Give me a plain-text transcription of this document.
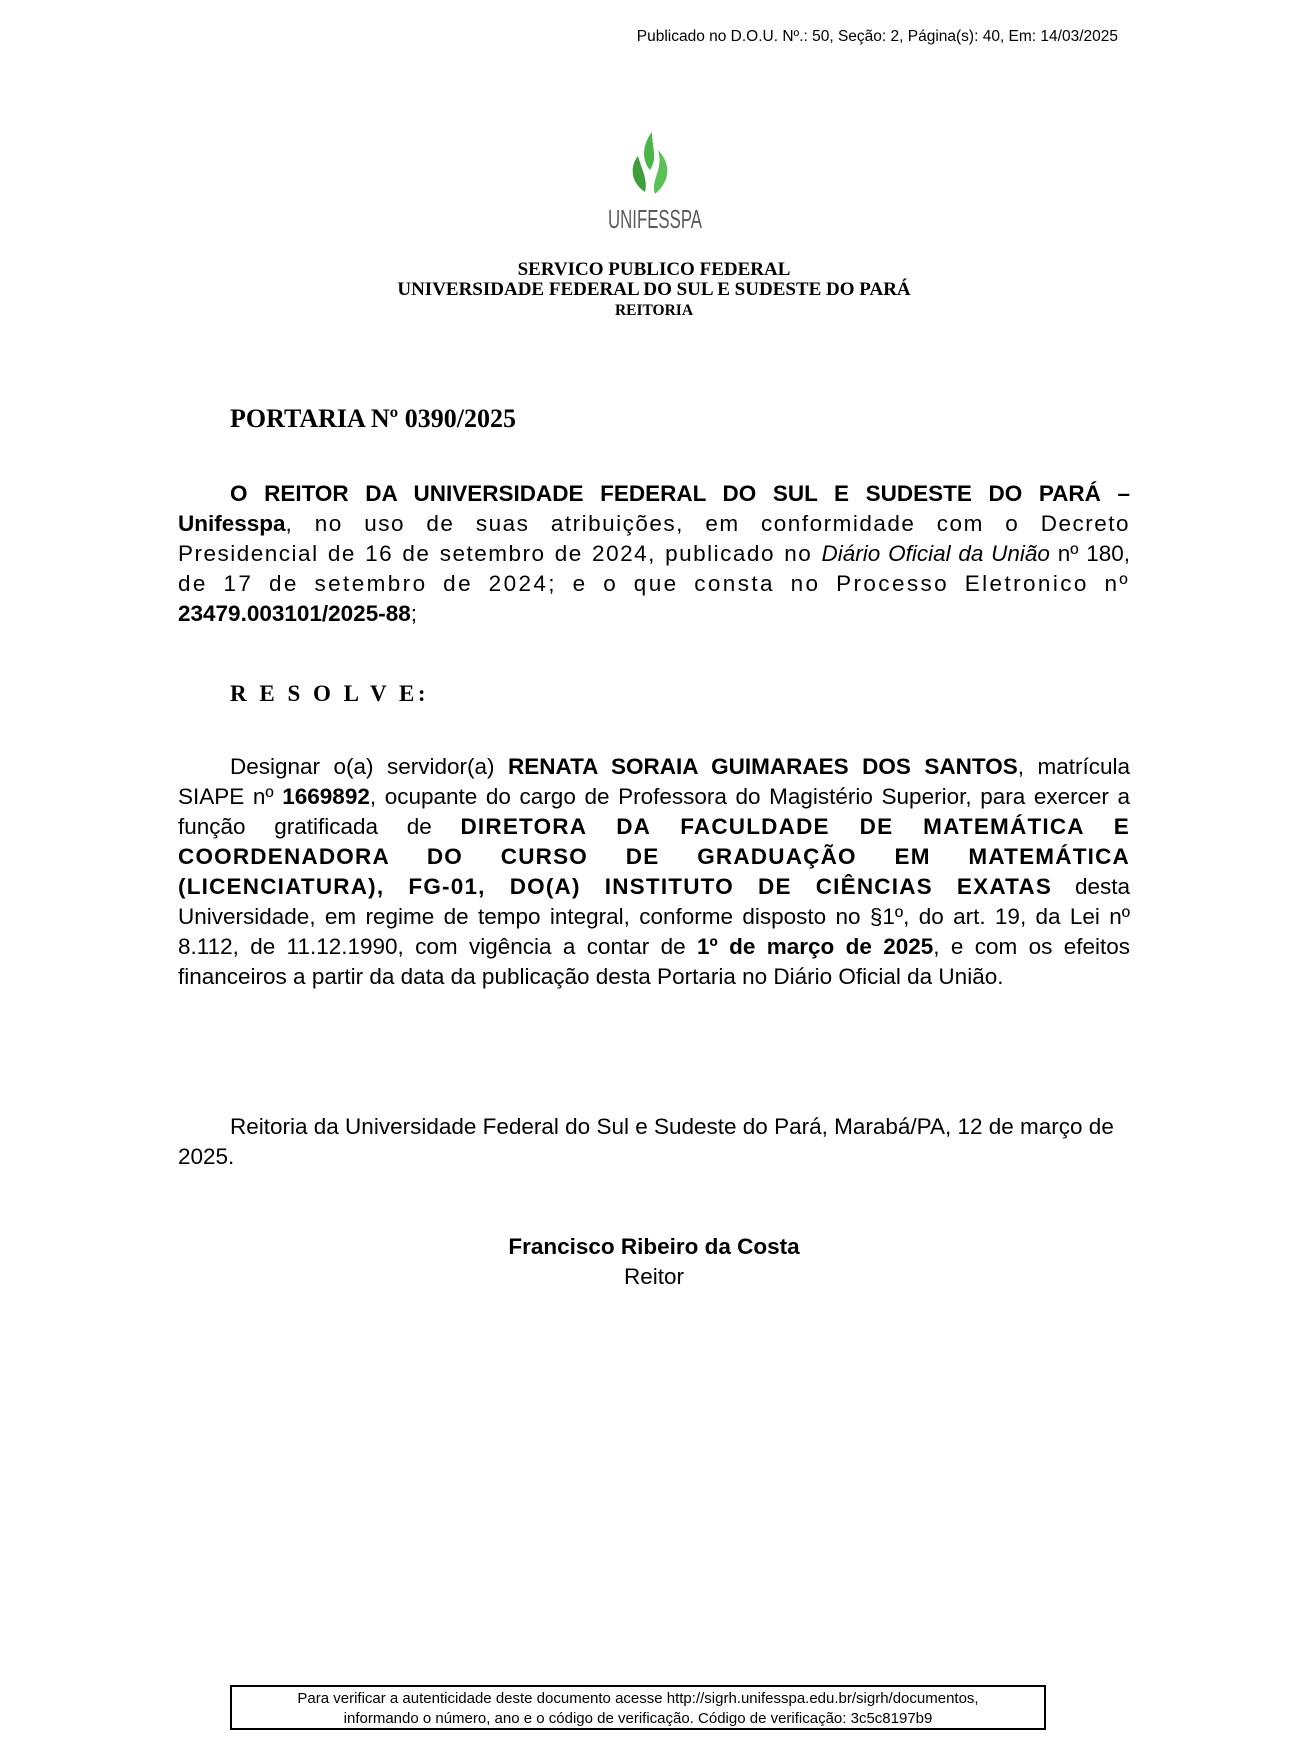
Publicado no D.O.U. Nº.: 50, Seção: 2, Página(s): 40, Em: 14/03/2025
UNIFESSPA
SERVICO PUBLICO FEDERAL
UNIVERSIDADE FEDERAL DO SUL E SUDESTE DO PARÁ
REITORIA
PORTARIA Nº 0390/2025
O REITOR DA UNIVERSIDADE FEDERAL DO SUL E SUDESTE DO PARÁ – Unifesspa, no uso de suas atribuições, em conformidade com o Decreto Presidencial de 16 de setembro de 2024, publicado no Diário Oficial da União nº 180, de 17 de setembro de 2024; e o que consta no Processo Eletronico nº 23479.003101/2025-88;
R E S O L V E:
Designar o(a) servidor(a) RENATA SORAIA GUIMARAES DOS SANTOS, matrícula SIAPE nº 1669892, ocupante do cargo de Professora do Magistério Superior, para exercer a função gratificada de DIRETORA DA FACULDADE DE MATEMÁTICA E COORDENADORA DO CURSO DE GRADUAÇÃO EM MATEMÁTICA (LICENCIATURA), FG-01, DO(A) INSTITUTO DE CIÊNCIAS EXATAS desta Universidade, em regime de tempo integral, conforme disposto no §1º, do art. 19, da Lei nº 8.112, de 11.12.1990, com vigência a contar de 1º de março de 2025, e com os efeitos financeiros a partir da data da publicação desta Portaria no Diário Oficial da União.
Reitoria da Universidade Federal do Sul e Sudeste do Pará, Marabá/PA, 12 de março de 2025.
Francisco Ribeiro da Costa
Reitor
Para verificar a autenticidade deste documento acesse http://sigrh.unifesspa.edu.br/sigrh/documentos,
informando o número, ano e o código de verificação. Código de verificação: 3c5c8197b9
